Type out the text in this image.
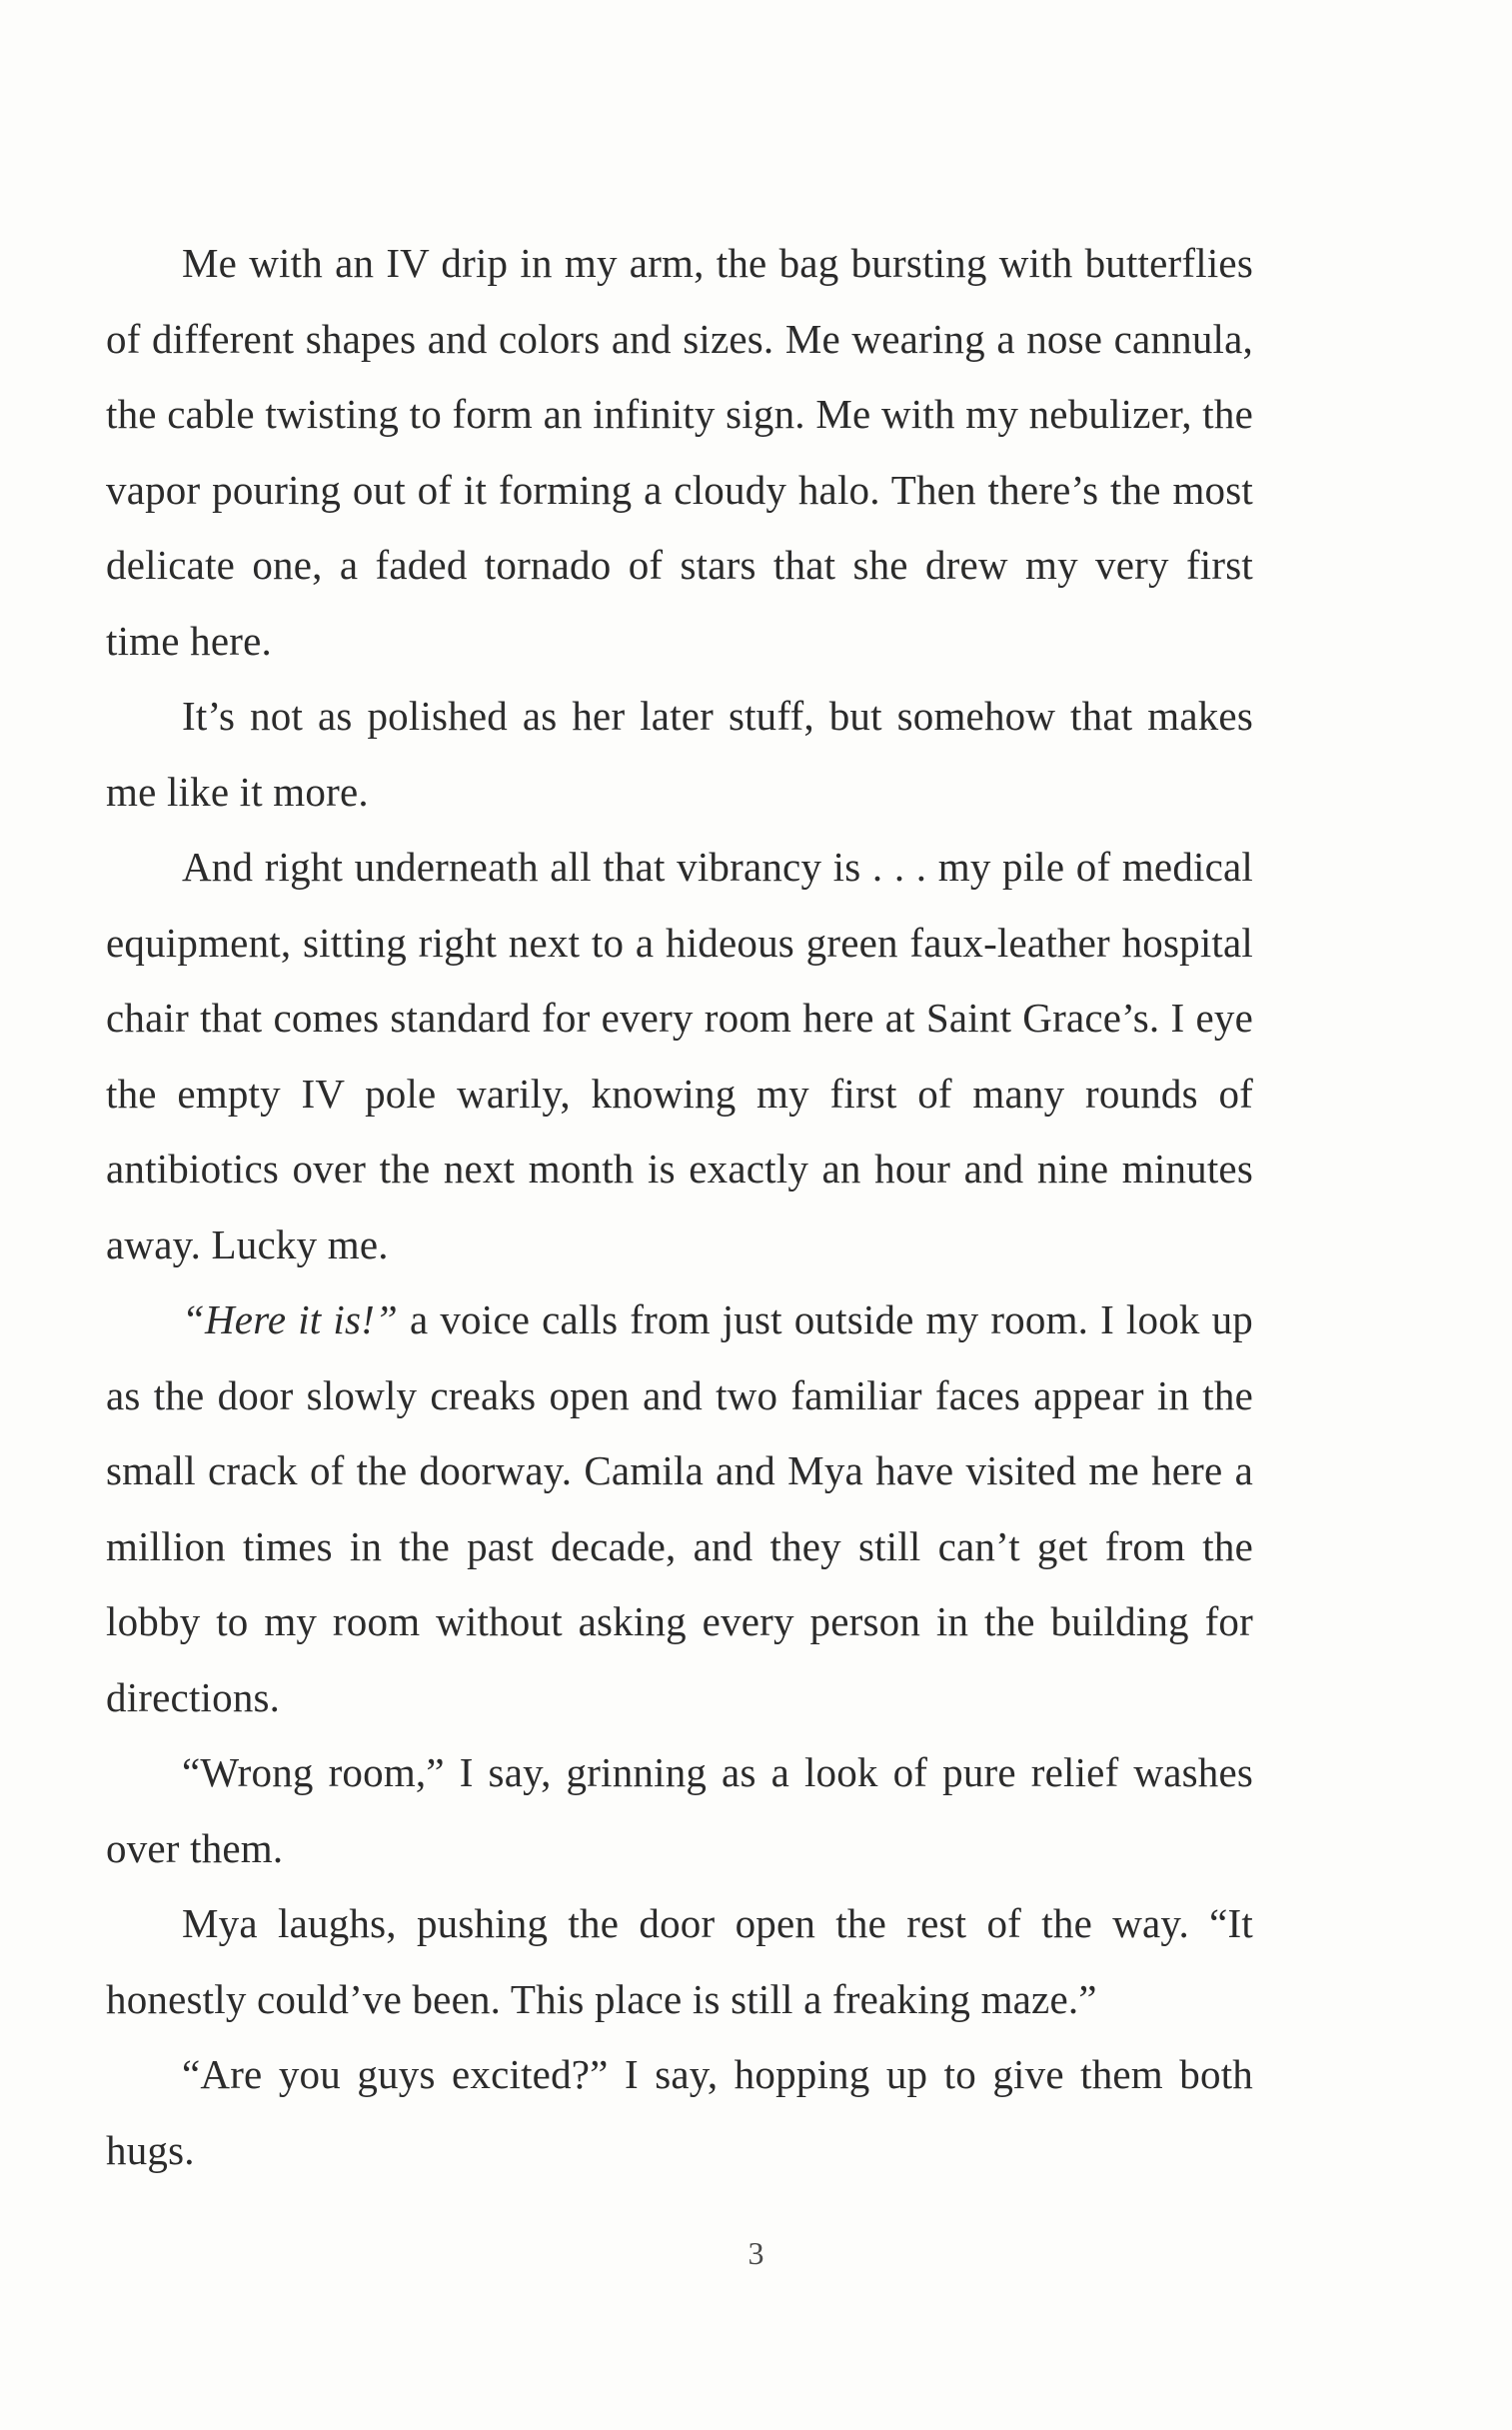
Me with an IV drip in my arm, the bag bursting with butterflies of different shapes and colors and sizes. Me wearing a nose cannula, the cable twisting to form an infinity sign. Me with my nebulizer, the vapor pouring out of it forming a cloudy halo. Then there’s the most delicate one, a faded tornado of stars that she drew my very first time here.

It’s not as polished as her later stuff, but somehow that makes me like it more.

And right underneath all that vibrancy is . . . my pile of medical equipment, sitting right next to a hideous green faux-leather hospital chair that comes standard for every room here at Saint Grace’s. I eye the empty IV pole warily, knowing my first of many rounds of antibiotics over the next month is exactly an hour and nine minutes away. Lucky me.

“Here it is!” a voice calls from just outside my room. I look up as the door slowly creaks open and two familiar faces appear in the small crack of the doorway. Camila and Mya have visited me here a million times in the past decade, and they still can’t get from the lobby to my room without asking every person in the building for directions.

“Wrong room,” I say, grinning as a look of pure relief washes over them.

Mya laughs, pushing the door open the rest of the way. “It honestly could’ve been. This place is still a freaking maze.”

“Are you guys excited?” I say, hopping up to give them both hugs.

3
